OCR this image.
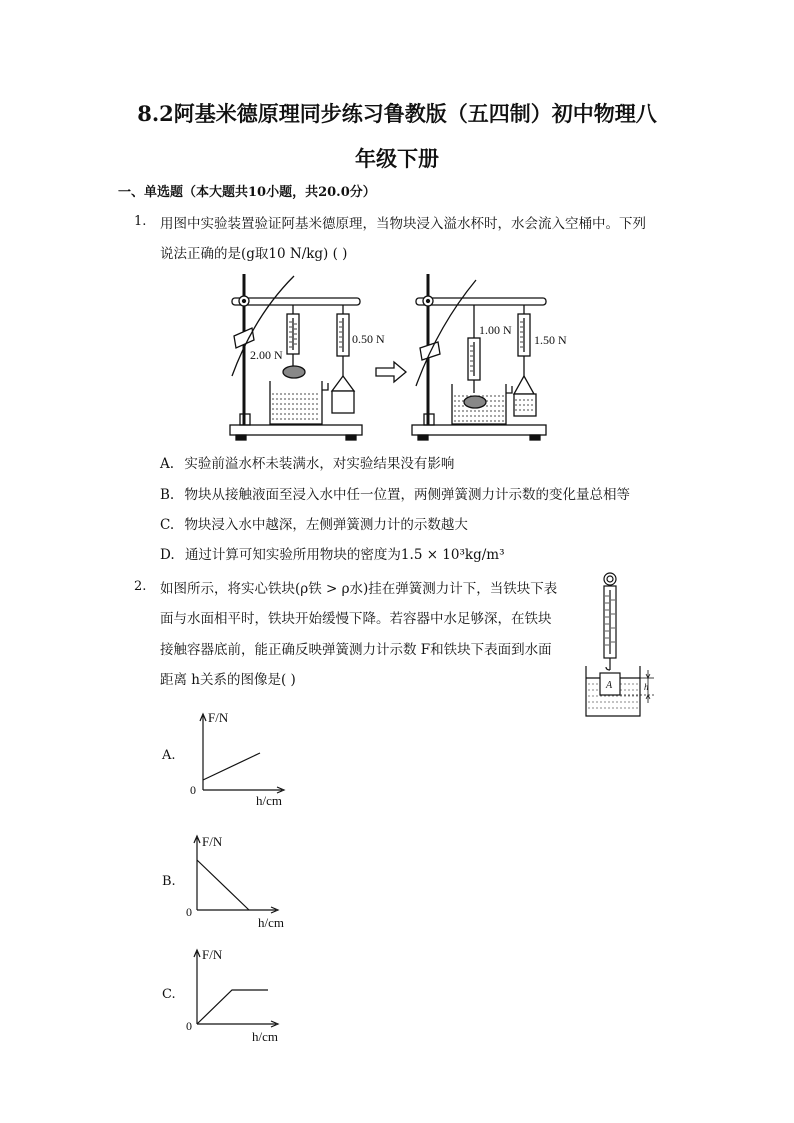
8.2阿基米德原理同步练习鲁教版（五四制）初中物理八
年级下册
一、单选题（本大题共10小题，共20.0分）
1. 用图中实验装置验证阿基米德原理，当物块浸入溢水杯时，水会流入空桶中。下列
说法正确的是(g取10 N/kg) ( )
2.00 N
0.50 N
1.00 N
1.50 N
A. 实验前溢水杯未装满水，对实验结果没有影响
B. 物块从接触液面至浸入水中任一位置，两侧弹簧测力计示数的变化量总相等
C. 物块浸入水中越深，左侧弹簧测力计的示数越大
D. 通过计算可知实验所用物块的密度为1.5 × 10³kg/m³
2. 如图所示，将实心铁块(ρ铁 > ρ水)挂在弹簧测力计下，当铁块下表
面与水面相平时，铁块开始缓慢下降。若容器中水足够深，在铁块
接触容器底前，能正确反映弹簧测力计示数 F和铁块下表面到水面
距离 h关系的图像是( )	A	h
A.
F/N
0
h/cm
B.
F/N
0
h/cm
C.
F/N
0
h/cm
